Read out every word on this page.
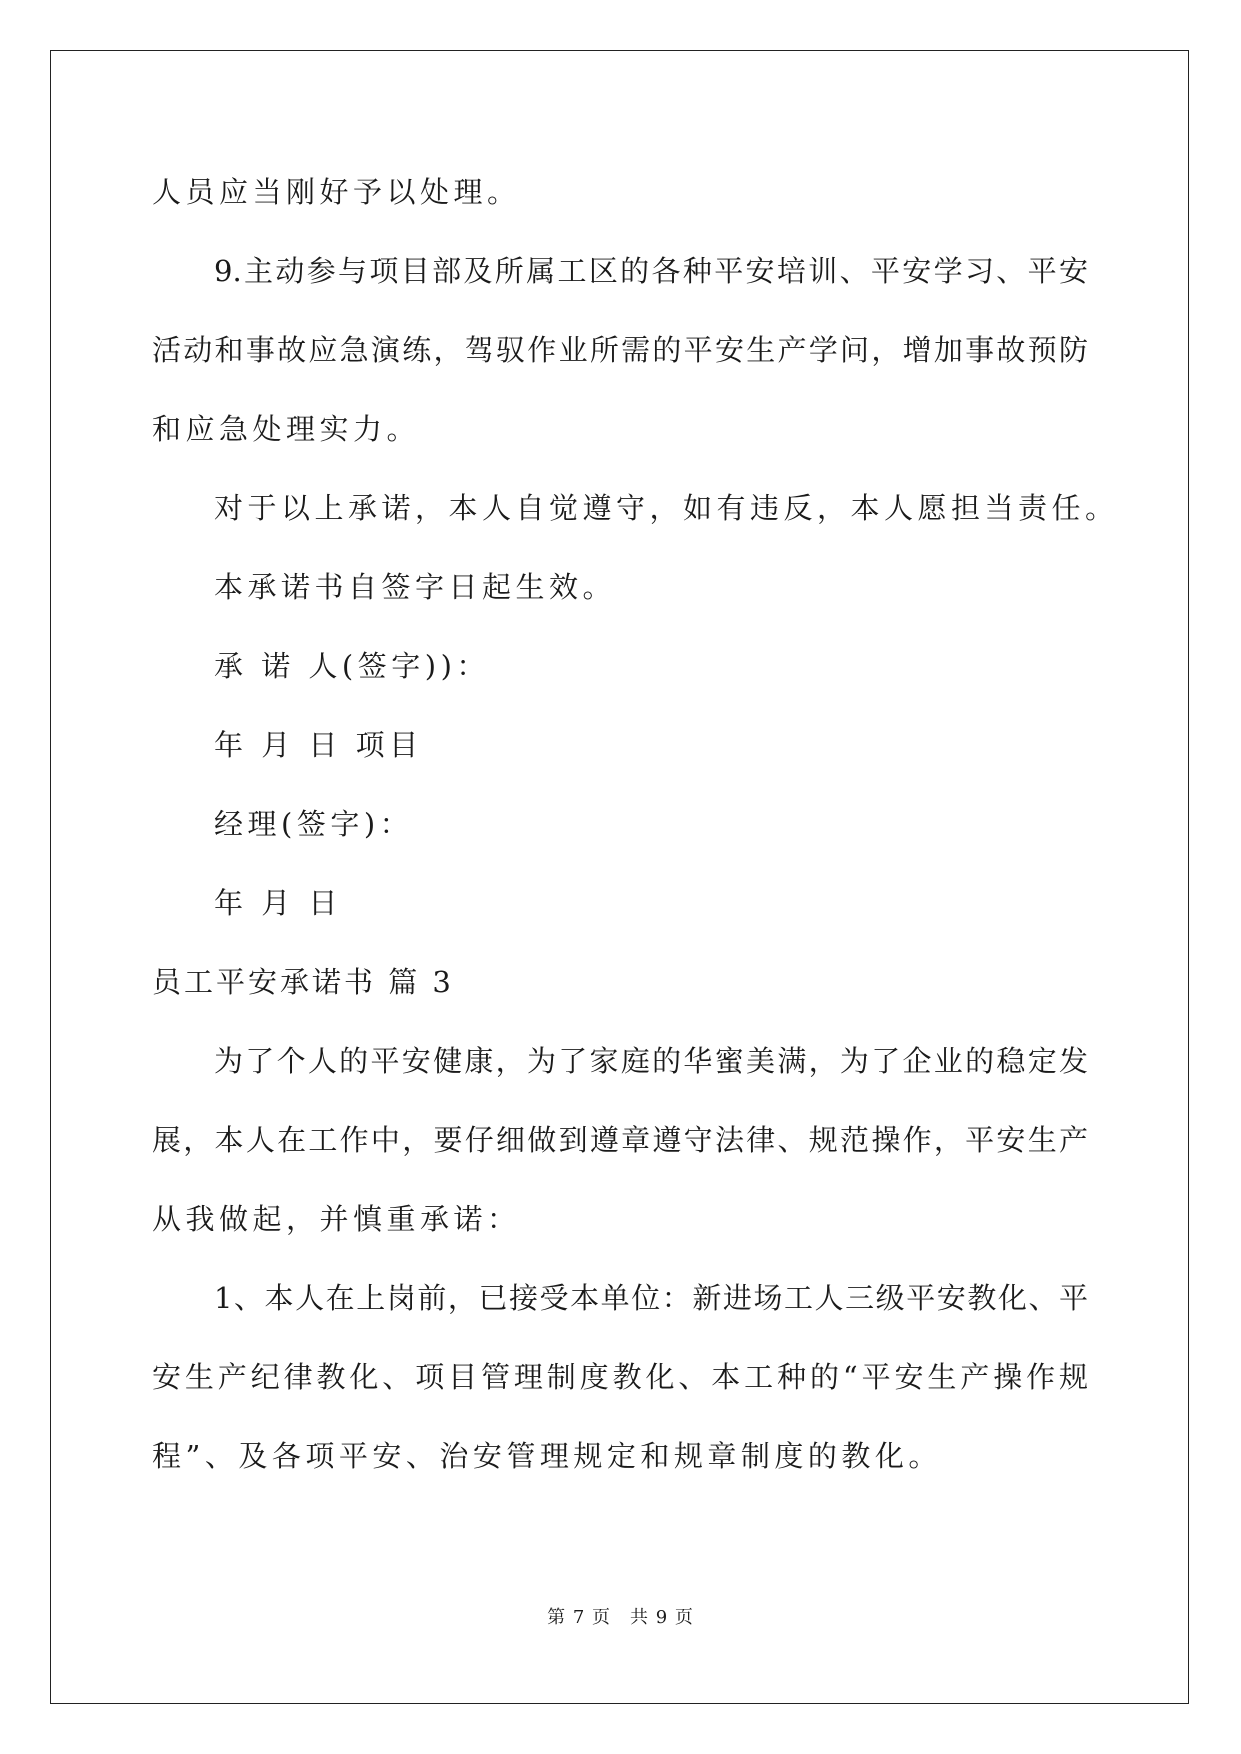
人员应当刚好予以处理。
9.主动参与项目部及所属工区的各种平安培训、平安学习、平安
活动和事故应急演练，驾驭作业所需的平安生产学问，增加事故预防
和应急处理实力。
对于以上承诺，本人自觉遵守，如有违反，本人愿担当责任。
本承诺书自签字日起生效。
承 诺 人(签字))：
年 月 日 项目
经理(签字)：
年 月 日
员工平安承诺书 篇 3
为了个人的平安健康，为了家庭的华蜜美满，为了企业的稳定发
展，本人在工作中，要仔细做到遵章遵守法律、规范操作，平安生产
从我做起，并慎重承诺：
1、本人在上岗前，已接受本单位：新进场工人三级平安教化、平
安生产纪律教化、项目管理制度教化、本工种的“平安生产操作规
程”、及各项平安、治安管理规定和规章制度的教化。
第 7 页　共 9 页
